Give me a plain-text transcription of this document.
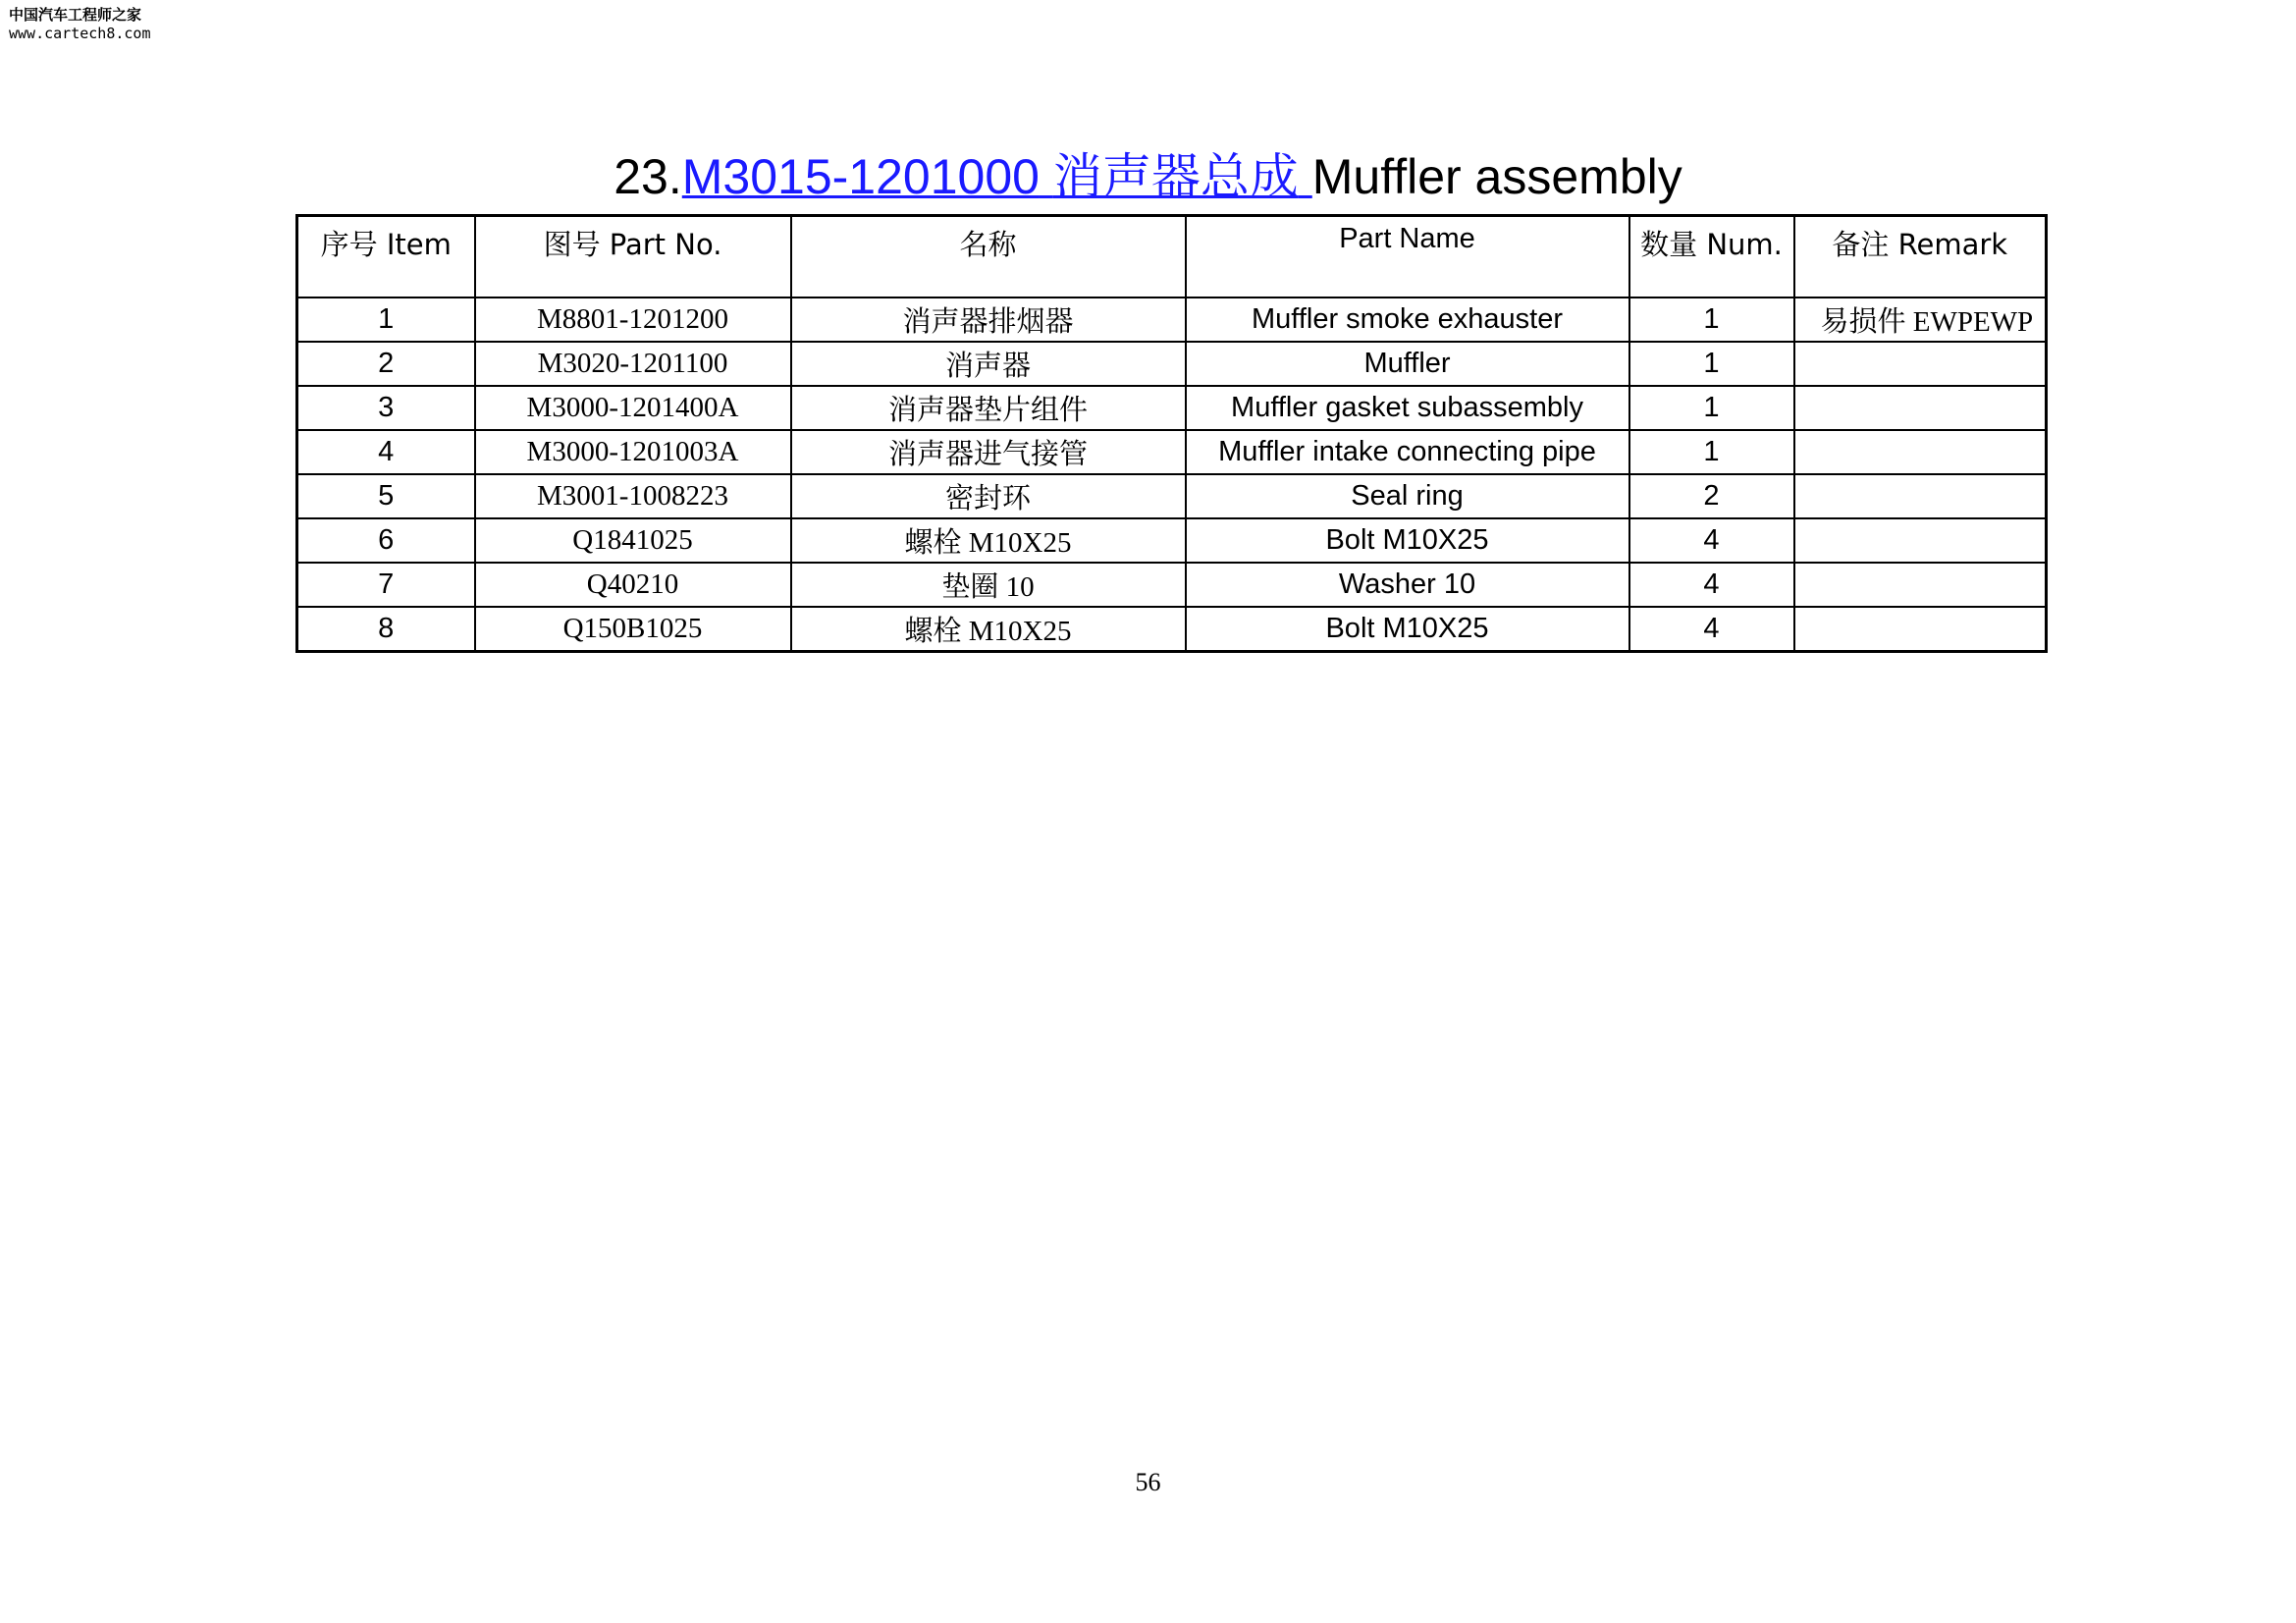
中国汽车工程师之家
www.cartech8.com
23.M3015-1201000 消声器总成 Muffler assembly
序号 Item	图号 Part No.	名称	Part Name	数量 Num.	备注 Remark
1	M8801-1201200	消声器排烟器	Muffler smoke exhauster	1	易损件 EWPEWP
2	M3020-1201100	消声器	Muffler	1	
3	M3000-1201400A	消声器垫片组件	Muffler gasket subassembly	1	
4	M3000-1201003A	消声器进气接管	Muffler intake connecting pipe	1	
5	M3001-1008223	密封环	Seal ring	2	
6	Q1841025	螺栓 M10X25	Bolt M10X25	4	
7	Q40210	垫圈 10	Washer 10	4	
8	Q150B1025	螺栓 M10X25	Bolt M10X25	4	
56
